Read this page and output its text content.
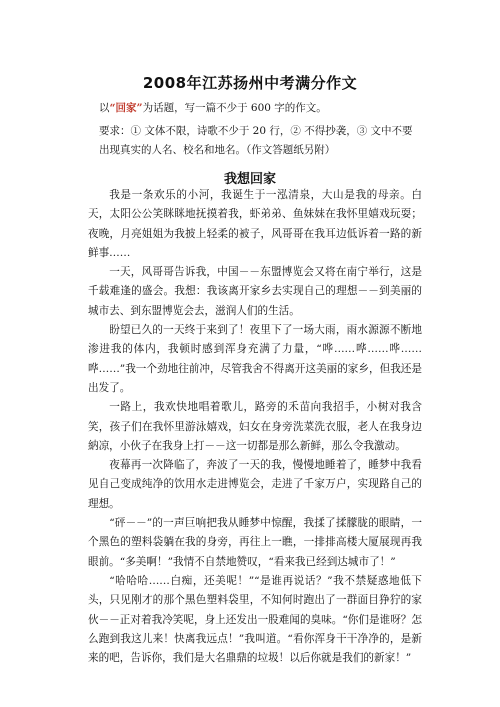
2008年江苏扬州中考满分作文
以“回家”为话题，写一篇不少于 600 字的作文。
要求：① 文体不限，诗歌不少于 20 行，② 不得抄袭，③ 文中不要出现真实的人名、校名和地名。（作文答题纸另附）
我想回家

我是一条欢乐的小河，我诞生于一泓清泉，大山是我的母亲。白天，太阳公公笑眯眯地抚摸着我，虾弟弟、鱼妹妹在我怀里嬉戏玩耍；夜晚，月亮姐姐为我披上轻柔的被子，风哥哥在我耳边低诉着一路的新鲜事……

一天，风哥哥告诉我，中国－－东盟博览会又将在南宁举行，这是千载难逢的盛会。我想：我该离开家乡去实现自己的理想－－到美丽的城市去、到东盟博览会去，滋润人们的生活。

盼望已久的一天终于来到了！夜里下了一场大雨，雨水源源不断地渗进我的体内，我顿时感到浑身充满了力量，“哗……哗……哗……哗……”我一个劲地往前冲，尽管我舍不得离开这美丽的家乡，但我还是出发了。

一路上，我欢快地唱着歌儿，路旁的禾苗向我招手，小树对我含笑，孩子们在我怀里游泳嬉戏，妇女在身旁洗菜洗衣服，老人在我身边納凉，小伙子在我身上打－－这一切都是那么新鲜，那么令我激动。

夜幕再一次降临了，奔波了一天的我，慢慢地睡着了，睡梦中我看见自己变成纯净的饮用水走进博览会，走进了千家万户，实现路自己的理想。

“砰－－”的一声巨响把我从睡梦中惊醒，我揉了揉朦胧的眼睛，一个黑色的塑料袋躺在我的身旁，再往上一瞧，一排排高楼大厦展现再我眼前。“多美啊！”我情不自禁地赞叹，“看来我已经到达城市了！”

“哈哈哈……白痴，还美呢！”“是谁再说话？”我不禁疑惑地低下头，只见刚才的那个黑色塑料袋里，不知何时跑出了一群面目狰狞的家伙－－正对着我冷笑呢，身上还发出一股难闻的臭味。“你们是谁呀？怎么跑到我这儿来！快离我远点！”我叫道。“看你浑身干干净净的，是新来的吧，告诉你，我们是大名鼎鼎的垃圾！以后你就是我们的新家！”
